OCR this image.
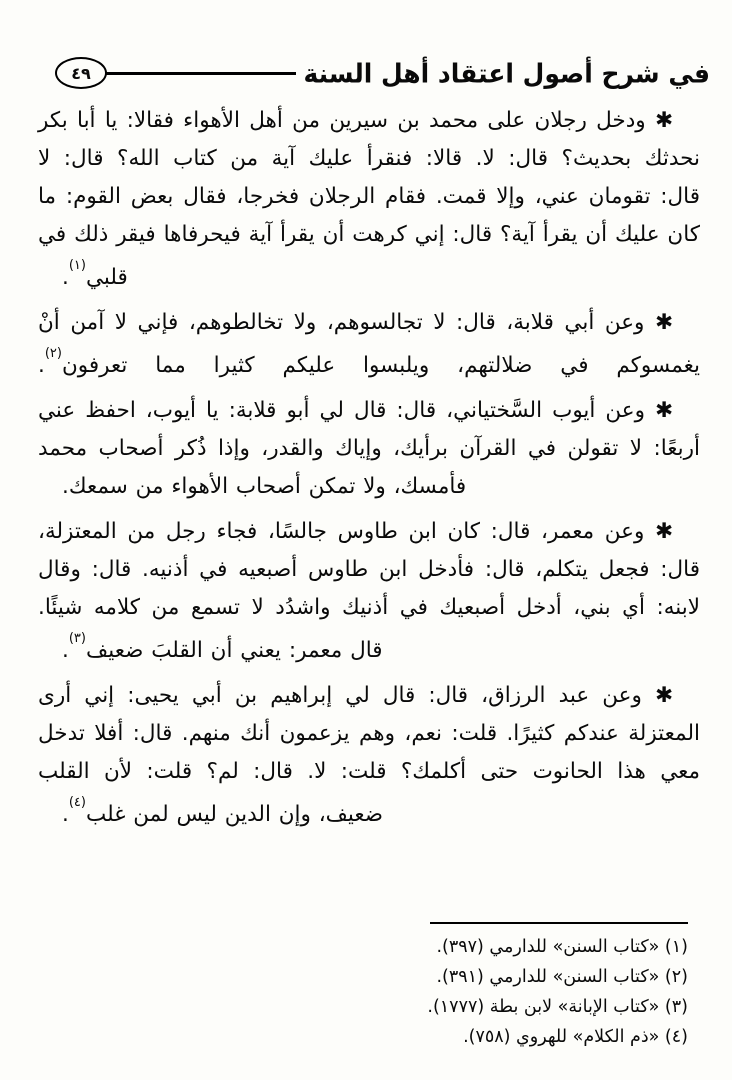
٤٩	في شرح أصول اعتقاد أهل السنة
✱ ودخل رجلان على محمد بن سيرين من أهل الأهواء فقالا: يا أبا بكر
نحدثك بحديث؟ قال: لا. قالا: فنقرأ عليك آية من كتاب الله؟ قال: لا
قال: تقومان عني، وإلا قمت. فقام الرجلان فخرجا، فقال بعض القوم: ما
كان عليك أن يقرأ آية؟ قال: إني كرهت أن يقرأ آية فيحرفاها فيقر ذلك في
قلبي$^{(١)}$.
✱ وعن أبي قلابة، قال: لا تجالسوهم، ولا تخالطوهم، فإني لا آمن أنْ
يغمسوكم في ضلالتهم، ويلبسوا عليكم كثيرا مما تعرفون$^{(٢)}$.
✱ وعن أيوب السَّختياني، قال: قال لي أبو قلابة: يا أيوب، احفظ عني
أربعًا: لا تقولن في القرآن برأيك، وإياك والقدر، وإذا ذُكر أصحاب محمد
فأمسك، ولا تمكن أصحاب الأهواء من سمعك.
✱ وعن معمر، قال: كان ابن طاوس جالسًا، فجاء رجل من المعتزلة،
قال: فجعل يتكلم، قال: فأدخل ابن طاوس أصبعيه في أذنيه. قال: وقال
لابنه: أي بني، أدخل أصبعيك في أذنيك واشدُد لا تسمع من كلامه شيئًا.
قال معمر: يعني أن القلبَ ضعيف$^{(٣)}$.
✱ وعن عبد الرزاق، قال: قال لي إبراهيم بن أبي يحيى: إني أرى
المعتزلة عندكم كثيرًا. قلت: نعم، وهم يزعمون أنك منهم. قال: أفلا تدخل
معي هذا الحانوت حتى أكلمك؟ قلت: لا. قال: لم؟ قلت: لأن القلب
ضعيف، وإن الدين ليس لمن غلب$^{(٤)}$.
(١) «كتاب السنن» للدارمي (٣٩٧).
(٢) «كتاب السنن» للدارمي (٣٩١).
(٣) «كتاب الإبانة» لابن بطة (١٧٧٧).
(٤) «ذم الكلام» للهروي (٧٥٨).
